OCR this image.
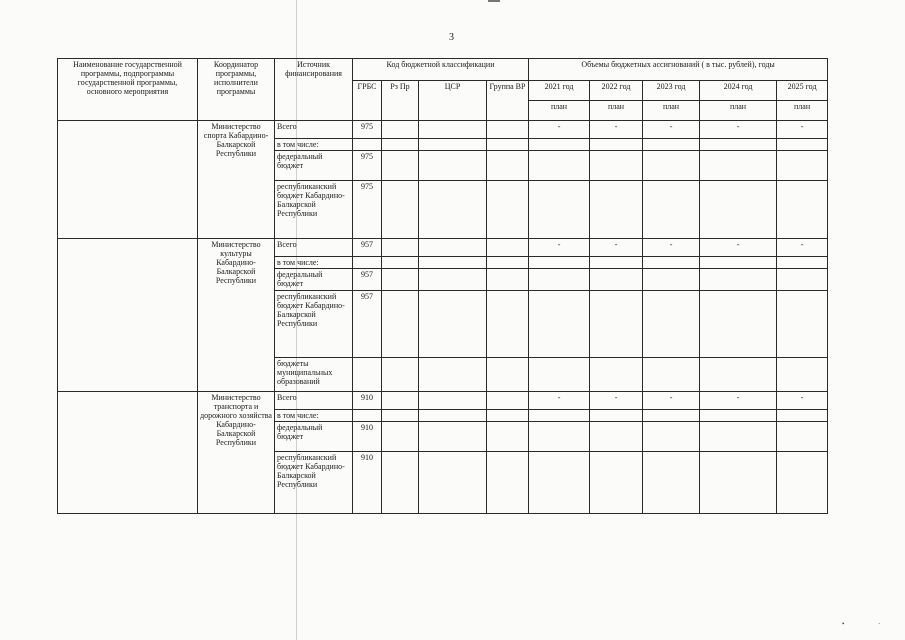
3
Наименование государственной программы, подпрограммы государственной программы, основного мероприятия	Координатор программы, исполнители программы	Источник финансирования	Код бюджетной классификации				Объемы бюджетных ассигнований ( в тыс. рублей), годы				
			ГРБС	Рз Пр	ЦСР	Группа ВР	2021 год	2022 год	2023 год	2024 год	2025 год
							план	план	план	план	план
	Министерство спорта Кабардино-Балкарской Республики	Всего	975				-	-	-	-	-
		в том числе:									
		федеральный бюджет	975								
		республиканский бюджет Кабардино-Балкарской Республики	975								
	Министерство культуры Кабардино-Балкарской Республики	Всего	957				-	-	-	-	-
		в том числе:									
		федеральный бюджет	957								
		республиканский бюджет Кабардино-Балкарской Республики	957								
		бюджеты муниципальных образований									
	Министерство транспорта и дорожного хозяйства Кабардино-Балкарской Республики	Всего	910				-	-	-	-	-
		в том числе:									
		федеральный бюджет	910								
		республиканский бюджет Кабардино-Балкарской Республики	910								
•	·
